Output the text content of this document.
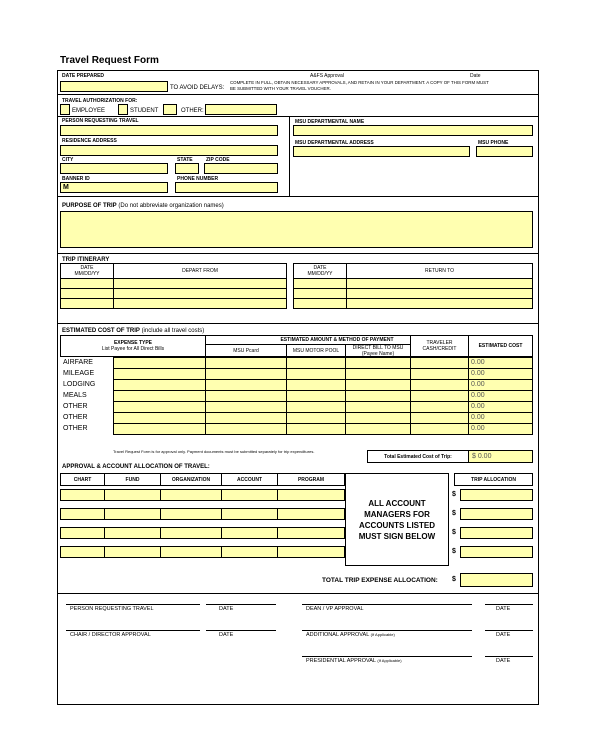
Travel Request Form
DATE PREPARED
TO AVOID DELAYS:
A&FS Approval	Date
COMPLETE IN FULL, OBTAIN NECESSARY APPROVALS, AND RETAIN IN YOUR DEPARTMENT. A COPY OF THIS FORM MUST
BE SUBMITTED WITH YOUR TRAVEL VOUCHER.
TRAVEL AUTHORIZATION FOR:
EMPLOYEE	STUDENT	OTHER:
PERSON REQUESTING TRAVEL
RESIDENCE ADDRESS
CITY	STATE	ZIP CODE
BANNER ID
M
PHONE NUMBER
MSU DEPARTMENTAL NAME
MSU DEPARTMENTAL ADDRESS	MSU PHONE
PURPOSE OF TRIP (Do not abbreviate organization names)
TRIP ITINERARY
DATE
MM/DD/YY	DEPART FROM	DATE
MM/DD/YY	RETURN TO
ESTIMATED COST OF TRIP (include all travel costs)
ESTIMATED AMOUNT & METHOD OF PAYMENT
EXPENSE TYPE
List Payee for All Direct Bills	MSU Pcard	MSU MOTOR POOL	DIRECT BILL TO MSU
(Payee Name)
TRAVELER
CASH/CREDIT	ESTIMATED COST
AIRFARE	0.00
MILEAGE	0.00
LODGING	0.00
MEALS	0.00
OTHER	0.00
OTHER	0.00
OTHER	0.00
Travel Request Form is for approval only. Payment documents must be submitted separately for trip expenditures.
Total Estimated Cost of Trip:	$ 0.00
APPROVAL & ACCOUNT ALLOCATION OF TRAVEL:
CHART	FUND	ORGANIZATION	ACCOUNT	PROGRAM	TRIP ALLOCATION
$
$
$
$
ALL ACCOUNT
MANAGERS FOR
ACCOUNTS LISTED
MUST SIGN BELOW
TOTAL TRIP EXPENSE ALLOCATION: $
PERSON REQUESTING TRAVEL	DATE	DEAN / VP APPROVAL	DATE
CHAIR / DIRECTOR APPROVAL	DATE	ADDITIONAL APPROVAL (If Applicable)	DATE
PRESIDENTIAL APPROVAL (If Applicable)	DATE
